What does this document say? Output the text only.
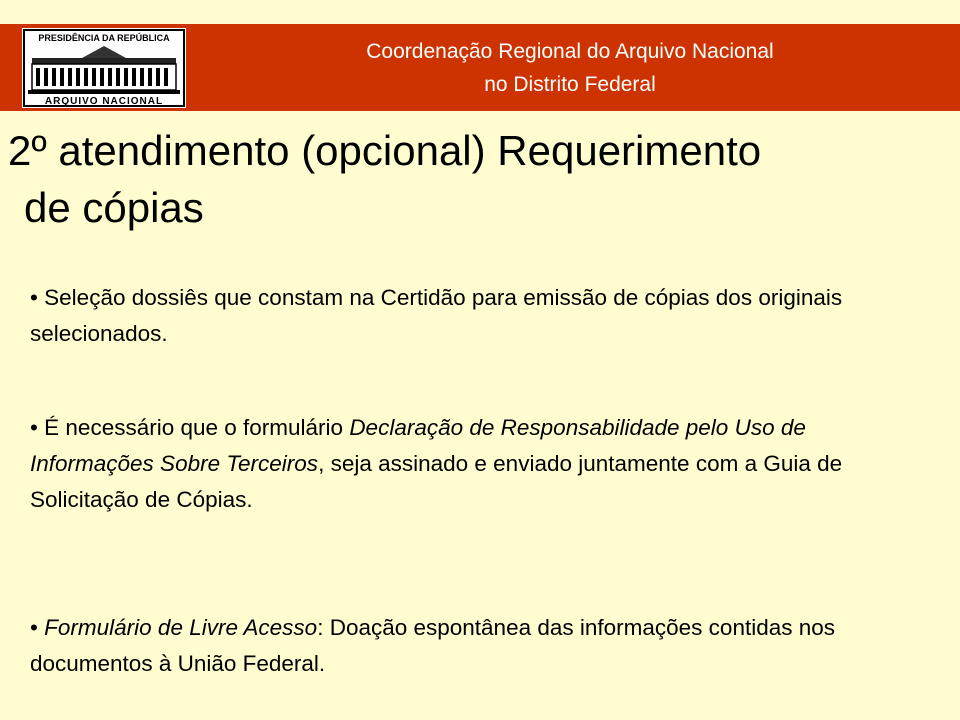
PRESIDÊNCIA DA REPÚBLICA
ARQUIVO NACIONAL
Coordenação Regional do Arquivo Nacional
no Distrito Federal
2º atendimento (opcional) Requerimento
de cópias
• Seleção dossiês que constam na Certidão para emissão de cópias dos originais selecionados.
• É necessário que o formulário Declaração de Responsabilidade pelo Uso de Informações Sobre Terceiros, seja assinado e enviado juntamente com a Guia de Solicitação de Cópias.
• Formulário de Livre Acesso: Doação espontânea das informações contidas nos documentos à União Federal.
